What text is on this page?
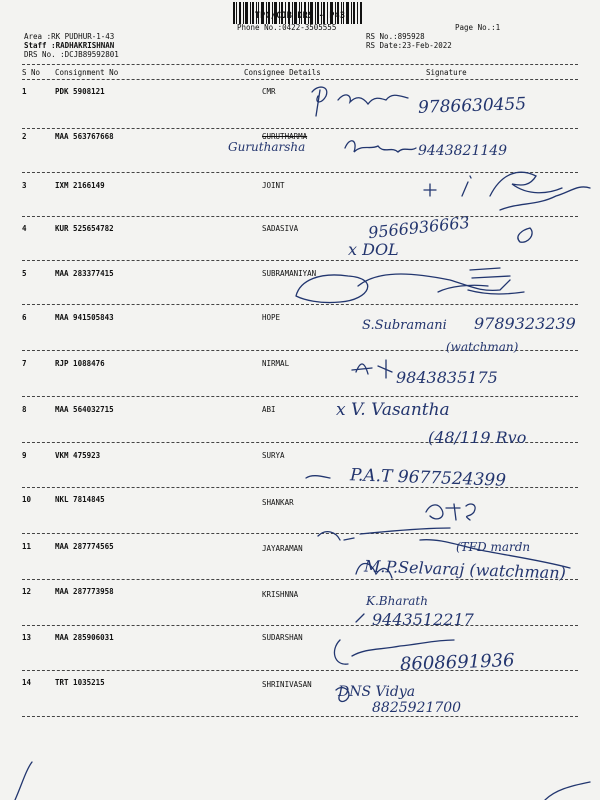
TPC/CJB DRS - P43
Phone No.:0422-3505555	Page No.:1
Area :RK PUDHUR-1-43
Staff :RADHAKRISHNAN
DRS No. :DCJB89592801
RS No.:895928
RS Date:23-Feb-2022
S No Consignment No	Consignee Details	Signature
1	PDK 5908121	CMR
2	MAA 563767668	GURUTHARMA
3	IXM 2166149	JOINT
4	KUR 525654782	SADASIVA
5	MAA 283377415	SUBRAMANIYAN
6	MAA 941505843	HOPE
7	RJP 1088476	NIRMAL
8	MAA 564032715	ABI
9	VKM 475923	SURYA
10	NKL 7814845	SHANKAR
11	MAA 287774565	JAYARAMAN
12	MAA 287773958	KRISHNNA
13	MAA 285906031	SUDARSHAN
14	TRT 1035215	SHRINIVASAN
9786630455
Gurutharsha	9443821149
9566936663
x DOL
S.Subramani 9789323239
(watchman)
9843835175
x V. Vasantha
(48/119 Rvo
P.A.T 9677524399
(TFD mardn
M.P.Selvaraj (watchman)
K.Bharath
9443512217
8608691936
DNS Vidya
8825921700
